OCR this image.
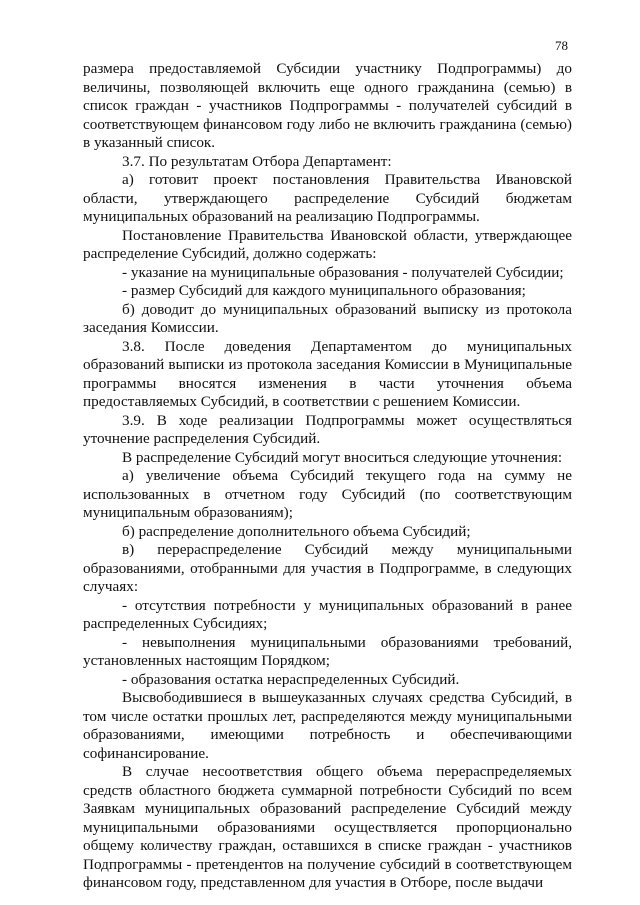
78

размера предоставляемой Субсидии участнику Подпрограммы) до величины, позволяющей включить еще одного гражданина (семью) в список граждан - участников Подпрограммы - получателей субсидий в соответствующем финансовом году либо не включить гражданина (семью) в указанный список.

3.7. По результатам Отбора Департамент:

а) готовит проект постановления Правительства Ивановской области, утверждающего распределение Субсидий бюджетам муниципальных образований на реализацию Подпрограммы.

Постановление Правительства Ивановской области, утверждающее распределение Субсидий, должно содержать:

- указание на муниципальные образования - получателей Субсидии;

- размер Субсидий для каждого муниципального образования;

б) доводит до муниципальных образований выписку из протокола заседания Комиссии.

3.8. После доведения Департаментом до муниципальных образований выписки из протокола заседания Комиссии в Муниципальные программы вносятся изменения в части уточнения объема предоставляемых Субсидий, в соответствии с решением Комиссии.

3.9. В ходе реализации Подпрограммы может осуществляться уточнение распределения Субсидий.

В распределение Субсидий могут вноситься следующие уточнения:

а) увеличение объема Субсидий текущего года на сумму не использованных в отчетном году Субсидий (по соответствующим муниципальным образованиям);

б) распределение дополнительного объема Субсидий;

в) перераспределение Субсидий между муниципальными образованиями, отобранными для участия в Подпрограмме, в следующих случаях:

- отсутствия потребности у муниципальных образований в ранее распределенных Субсидиях;

- невыполнения муниципальными образованиями требований, установленных настоящим Порядком;

- образования остатка нераспределенных Субсидий.

Высвободившиеся в вышеуказанных случаях средства Субсидий, в том числе остатки прошлых лет, распределяются между муниципальными образованиями, имеющими потребность и обеспечивающими софинансирование.

В случае несоответствия общего объема перераспределяемых средств областного бюджета суммарной потребности Субсидий по всем Заявкам муниципальных образований распределение Субсидий между муниципальными образованиями осуществляется пропорционально общему количеству граждан, оставшихся в списке граждан - участников Подпрограммы - претендентов на получение субсидий в соответствующем финансовом году, представленном для участия в Отборе, после выдачи
